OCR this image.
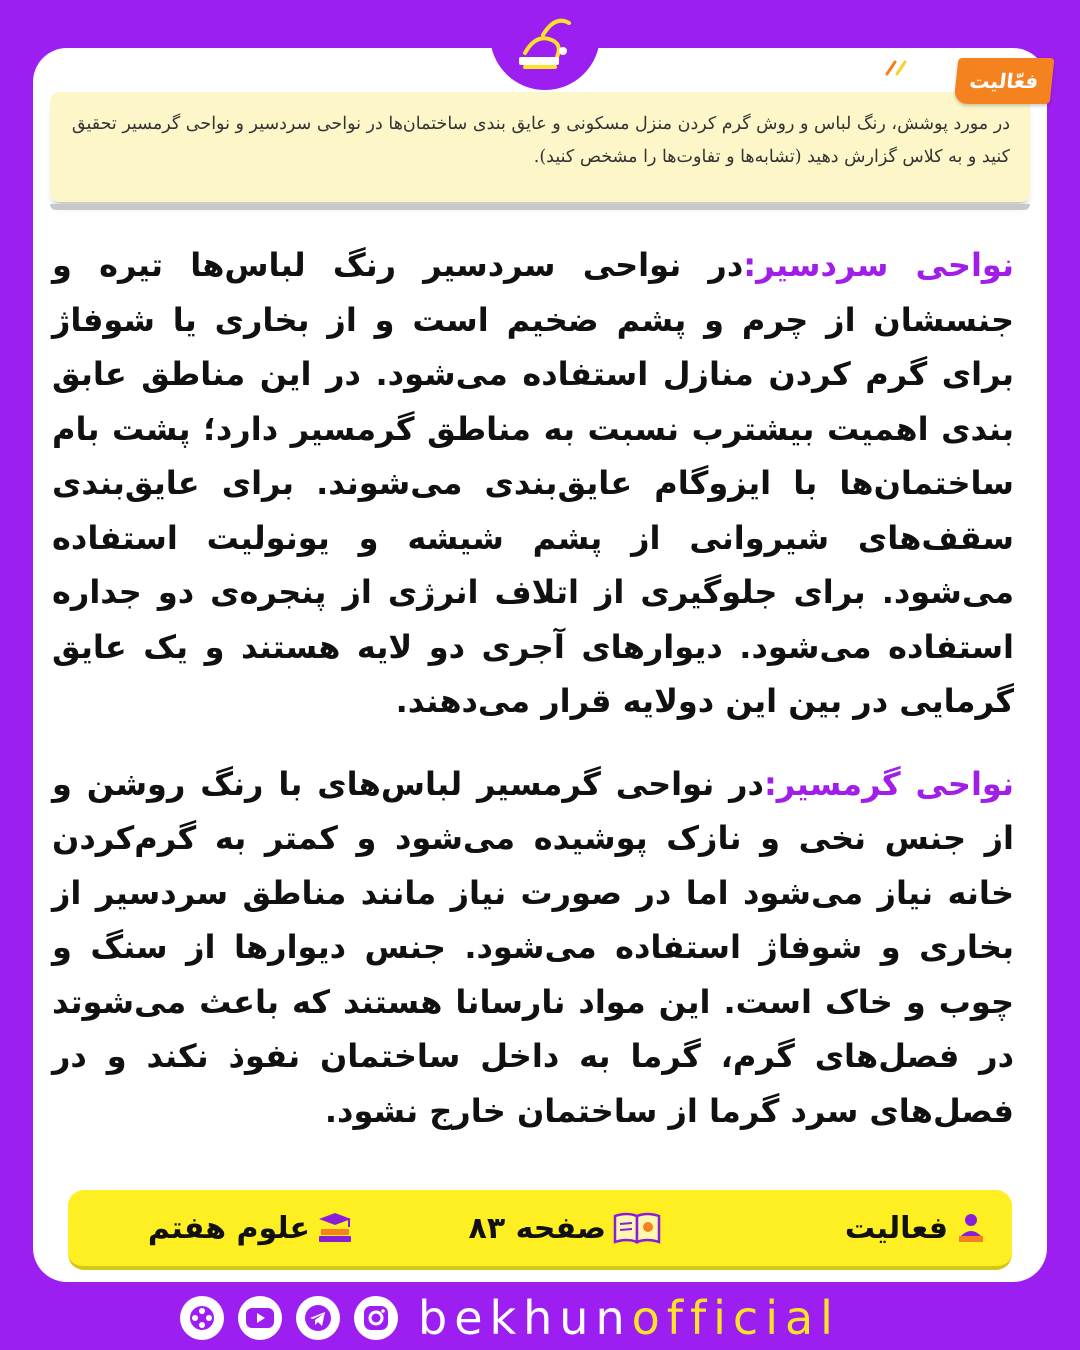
فعّالیت
در مورد پوشش، رنگ لباس و روش گرم کردن منزل مسکونی و عایق بندی ساختمان‌ها در نواحی سردسیر و نواحی گرمسیر تحقیق کنید و به کلاس گزارش دهید (تشابه‌ها و تفاوت‌ها را مشخص کنید).

نواحی سردسیر:در نواحی سردسیر رنگ لباس‌ها تیره و جنسشان از چرم و پشم ضخیم است و از بخاری یا شوفاژ برای گرم کردن منازل استفاده می‌شود. در این مناطق عابق بندی اهمیت بیشترب نسبت به مناطق گرمسیر دارد؛ پشت بام ساختمان‌ها با ایزوگام عایق‌بندی می‌شوند. برای عایق‌بندی سقف‌های شیروانی از پشم شیشه و یونولیت استفاده می‌شود. برای جلوگیری از اتلاف انرژی از پنجره‌ی دو جداره استفاده می‌شود. دیوارهای آجری دو لایه هستند و یک عایق گرمایی در بین این دولایه قرار می‌دهند.

نواحی گرمسیر:در نواحی گرمسیر لباس‌های با رنگ روشن و از جنس نخی و نازک پوشیده می‌شود و کمتر به گرم‌کردن خانه نیاز می‌شود اما در صورت نیاز مانند مناطق سردسیر از بخاری و شوفاژ استفاده می‌شود. جنس دیوارها از سنگ و چوب و خاک است. این مواد نارسانا هستند که باعث می‌شوتد در فصل‌های گرم، گرما به داخل ساختمان نفوذ نکند و در فصل‌های سرد گرما از ساختمان خارج نشود.

فعالیت
صفحه ۸۳
علوم هفتم
bekhunofficial
